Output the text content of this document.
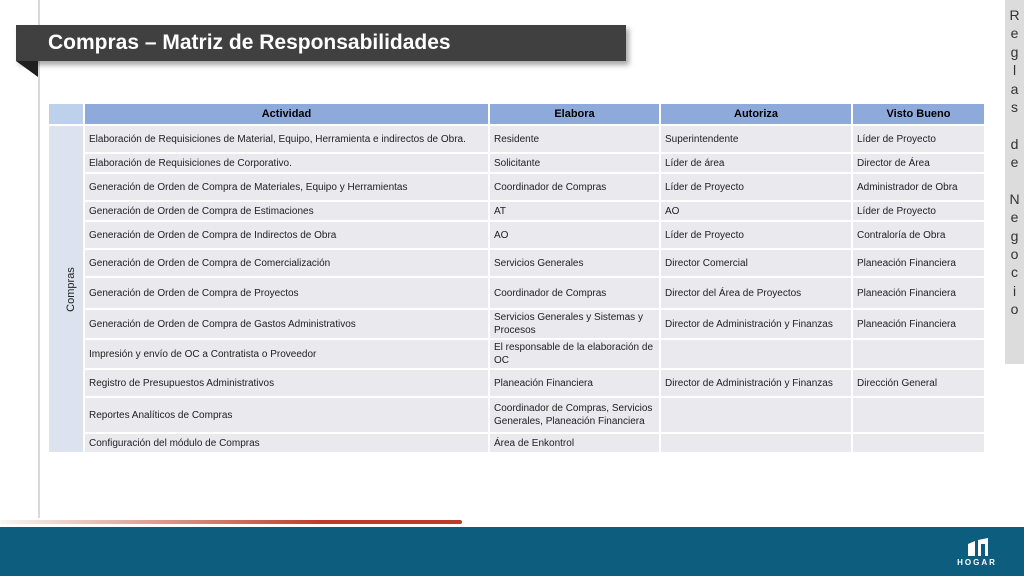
Compras – Matriz de Responsabilidades
R
e
g
l
a
s
d
e
N
e
g
o
c
i
o
	Actividad	Elabora	Autoriza	Visto Bueno
Compras	Elaboración de Requisiciones de Material, Equipo, Herramienta e indirectos de Obra.	Residente	Superintendente	Líder de Proyecto
	Elaboración de Requisiciones de Corporativo.	Solicitante	Líder de área	Director de Área
	Generación de Orden de Compra de Materiales, Equipo y Herramientas	Coordinador de Compras	Líder de Proyecto	Administrador de Obra
	Generación de Orden de Compra de Estimaciones	AT	AO	Líder de Proyecto
	Generación de Orden de Compra de Indirectos de Obra	AO	Líder de Proyecto	Contraloría de Obra
	Generación de Orden de Compra de Comercialización	Servicios Generales	Director Comercial	Planeación Financiera
	Generación de Orden de Compra de Proyectos	Coordinador de Compras	Director del Área de Proyectos	Planeación Financiera
	Generación de Orden de Compra de Gastos Administrativos	Servicios Generales y Sistemas y Procesos	Director de Administración y Finanzas	Planeación Financiera
	Impresión y envío de OC a Contratista o Proveedor	El responsable de la elaboración de OC		
	Registro de Presupuestos Administrativos	Planeación Financiera	Director de Administración y Finanzas	Dirección General
	Reportes Analíticos de Compras	Coordinador de Compras, Servicios Generales, Planeación Financiera		
	Configuración del módulo de Compras	Área de Enkontrol		
HOGAR
